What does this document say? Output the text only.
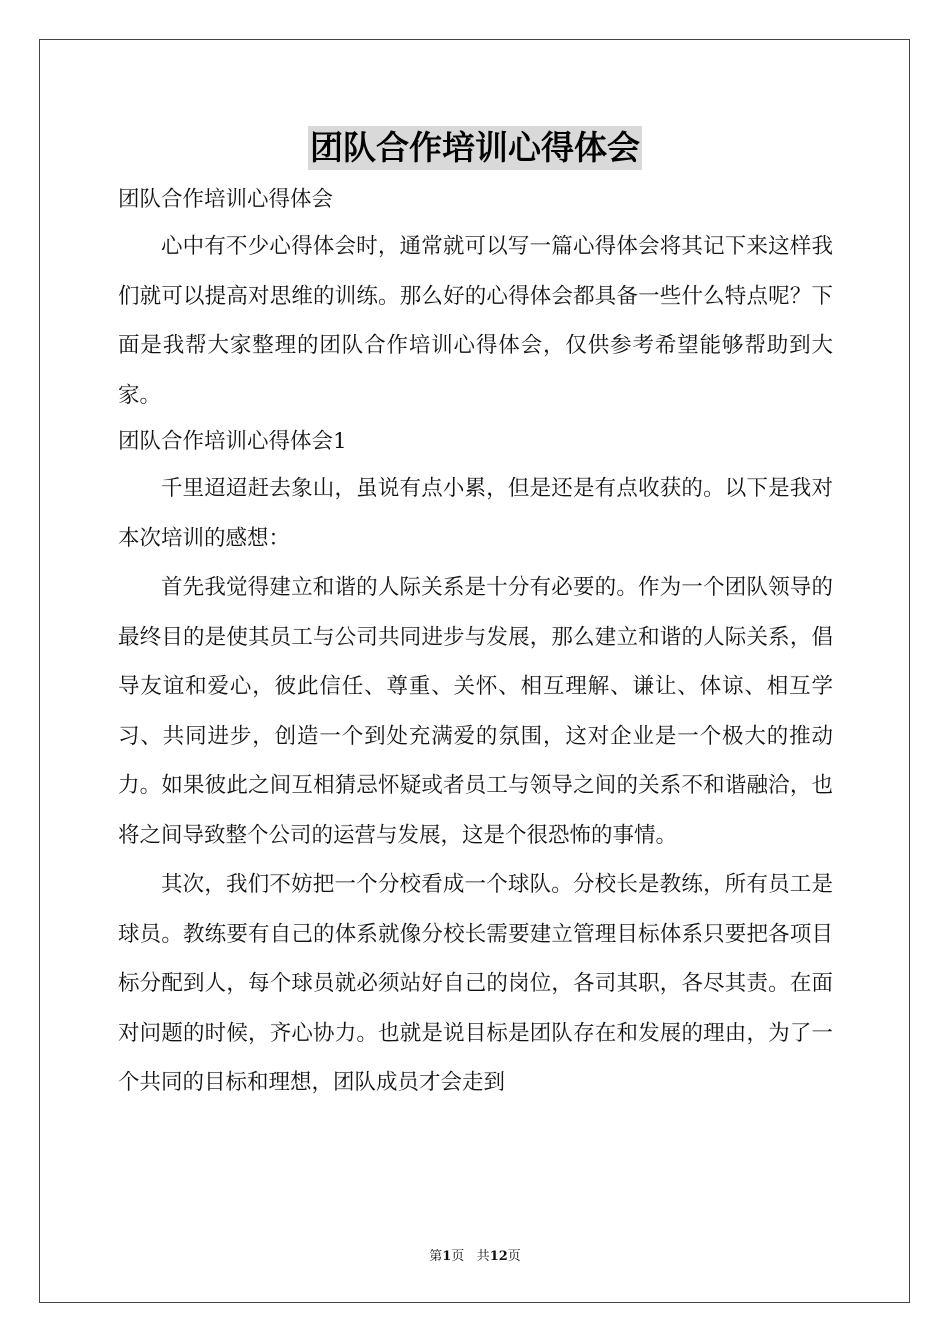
团队合作培训心得体会
团队合作培训心得体会

心中有不少心得体会时，通常就可以写一篇心得体会将其记下来这样我们就可以提高对思维的训练。那么好的心得体会都具备一些什么特点呢？下面是我帮大家整理的团队合作培训心得体会，仅供参考希望能够帮助到大家。

团队合作培训心得体会1

千里迢迢赶去象山，虽说有点小累，但是还是有点收获的。以下是我对本次培训的感想：

首先我觉得建立和谐的人际关系是十分有必要的。作为一个团队领导的最终目的是使其员工与公司共同进步与发展，那么建立和谐的人际关系，倡导友谊和爱心，彼此信任、尊重、关怀、相互理解、谦让、体谅、相互学习、共同进步，创造一个到处充满爱的氛围，这对企业是一个极大的推动力。如果彼此之间互相猜忌怀疑或者员工与领导之间的关系不和谐融洽，也将之间导致整个公司的运营与发展，这是个很恐怖的事情。

其次，我们不妨把一个分校看成一个球队。分校长是教练，所有员工是球员。教练要有自己的体系就像分校长需要建立管理目标体系只要把各项目标分配到人，每个球员就必须站好自己的岗位，各司其职，各尽其责。在面对问题的时候，齐心协力。也就是说目标是团队存在和发展的理由，为了一个共同的目标和理想，团队成员才会走到

第1页 共12页
